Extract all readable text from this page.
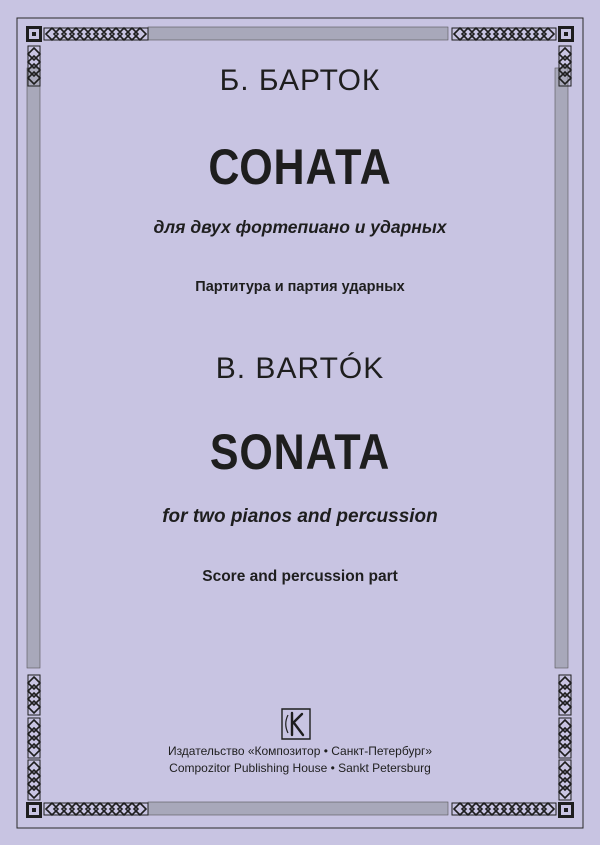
Б. БАРТОК
СОНАТА
для двух фортепиано и ударных
Партитура и партия ударных
B. BARTÓK
SONATA
for two pianos and percussion
Score and percussion part
Издательство «Композитор • Санкт-Петербург»
Compozitor Publishing House • Sankt Petersburg
